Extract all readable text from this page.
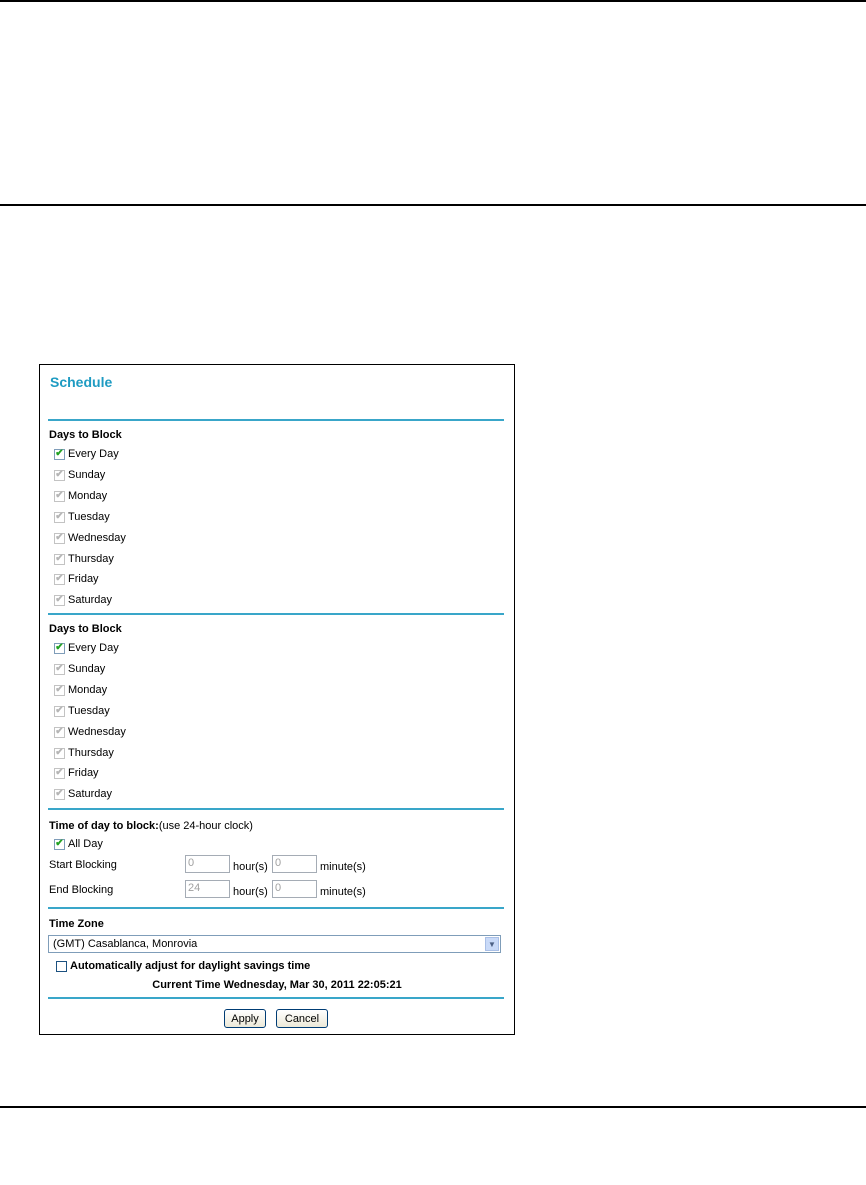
Schedule
Days to Block
✔ Every Day
✔ Sunday
✔ Monday
✔ Tuesday
✔ Wednesday
✔ Thursday
✔ Friday
✔ Saturday
Days to Block
✔ Every Day
✔ Sunday
✔ Monday
✔ Tuesday
✔ Wednesday
✔ Thursday
✔ Friday
✔ Saturday
Time of day to block:(use 24-hour clock)
✔ All Day
Start Blocking	0	hour(s) 0	minute(s)
End Blocking	24	hour(s) 0	minute(s)
Time Zone
(GMT) Casablanca, Monrovia	▼
Automatically adjust for daylight savings time
Current Time Wednesday, Mar 30, 2011 22:05:21
Apply	Cancel
